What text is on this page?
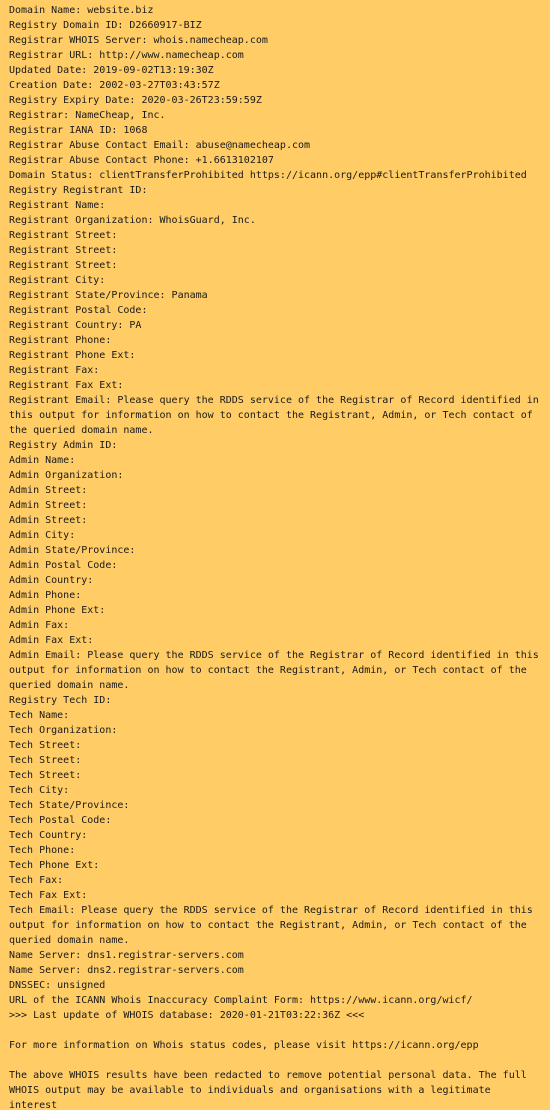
Domain Name: website.biz
Registry Domain ID: D2660917-BIZ
Registrar WHOIS Server: whois.namecheap.com
Registrar URL: http://www.namecheap.com
Updated Date: 2019-09-02T13:19:30Z
Creation Date: 2002-03-27T03:43:57Z
Registry Expiry Date: 2020-03-26T23:59:59Z
Registrar: NameCheap, Inc.
Registrar IANA ID: 1068
Registrar Abuse Contact Email: abuse@namecheap.com
Registrar Abuse Contact Phone: +1.6613102107
Domain Status: clientTransferProhibited https://icann.org/epp#clientTransferProhibited
Registry Registrant ID:
Registrant Name:
Registrant Organization: WhoisGuard, Inc.
Registrant Street:
Registrant Street:
Registrant Street:
Registrant City:
Registrant State/Province: Panama
Registrant Postal Code:
Registrant Country: PA
Registrant Phone:
Registrant Phone Ext:
Registrant Fax:
Registrant Fax Ext:
Registrant Email: Please query the RDDS service of the Registrar of Record identified in
this output for information on how to contact the Registrant, Admin, or Tech contact of
the queried domain name.
Registry Admin ID:
Admin Name:
Admin Organization:
Admin Street:
Admin Street:
Admin Street:
Admin City:
Admin State/Province:
Admin Postal Code:
Admin Country:
Admin Phone:
Admin Phone Ext:
Admin Fax:
Admin Fax Ext:
Admin Email: Please query the RDDS service of the Registrar of Record identified in this
output for information on how to contact the Registrant, Admin, or Tech contact of the
queried domain name.
Registry Tech ID:
Tech Name:
Tech Organization:
Tech Street:
Tech Street:
Tech Street:
Tech City:
Tech State/Province:
Tech Postal Code:
Tech Country:
Tech Phone:
Tech Phone Ext:
Tech Fax:
Tech Fax Ext:
Tech Email: Please query the RDDS service of the Registrar of Record identified in this
output for information on how to contact the Registrant, Admin, or Tech contact of the
queried domain name.
Name Server: dns1.registrar-servers.com
Name Server: dns2.registrar-servers.com
DNSSEC: unsigned
URL of the ICANN Whois Inaccuracy Complaint Form: https://www.icann.org/wicf/
>>> Last update of WHOIS database: 2020-01-21T03:22:36Z <<<
For more information on Whois status codes, please visit https://icann.org/epp
The above WHOIS results have been redacted to remove potential personal data. The full
WHOIS output may be available to individuals and organisations with a legitimate interest
